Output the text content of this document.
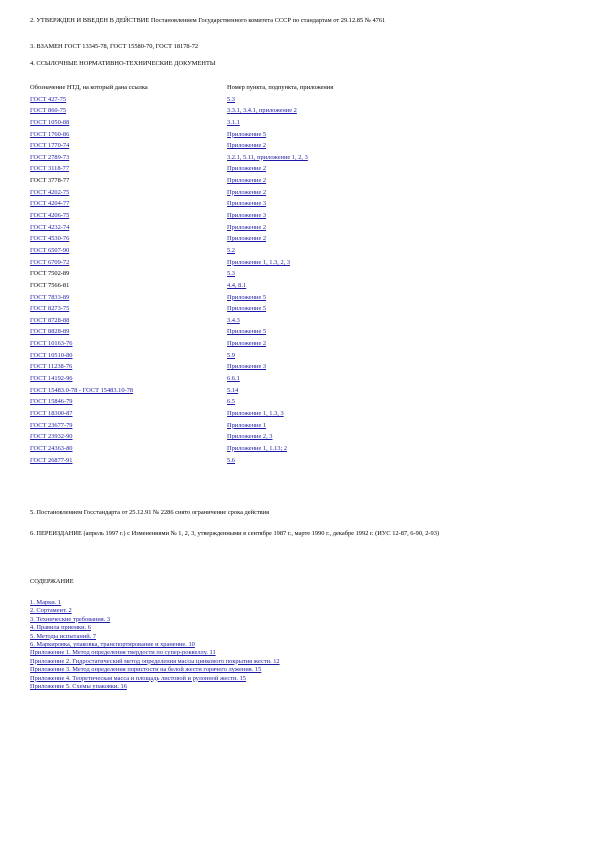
2. УТВЕРЖДЕН И ВВЕДЕН В ДЕЙСТВИЕ Постановлением Государственного комитета СССР по стандартам от 29.12.85 № 4761

3. ВЗАМЕН ГОСТ 13345-78, ГОСТ 15580-70, ГОСТ 18178-72

4. ССЫЛОЧНЫЕ НОРМАТИВНО-ТЕХНИЧЕСКИЕ ДОКУМЕНТЫ

Обозначение НТД, на который дана ссылка	Номер пункта, подпункта, приложения
ГОСТ 427-75	5.3
ГОСТ 860-75	3.3.1, 3.4.1, приложение 2
ГОСТ 1050-88	3.1.1
ГОСТ 1760-86	Приложение 5
ГОСТ 1770-74	Приложение 2
ГОСТ 2789-73	3.2.1, 5.11, приложение 1, 2, 3
ГОСТ 3118-77	Приложение 2
ГОСТ 3778-77	Приложение 2
ГОСТ 4202-75	Приложение 2
ГОСТ 4204-77	Приложение 3
ГОСТ 4206-75	Приложение 3
ГОСТ 4232-74	Приложение 2
ГОСТ 4530-76	Приложение 2
ГОСТ 6507-90	5.2
ГОСТ 6709-72	Приложение 1, 1.3, 2, 3
ГОСТ 7502-89	5.3
ГОСТ 7566-81	4.4, 8.1
ГОСТ 7833-89	Приложение 5
ГОСТ 8273-75	Приложение 5
ГОСТ 8728-88	3.4.3
ГОСТ 8828-89	Приложение 5
ГОСТ 10163-76	Приложение 2
ГОСТ 10510-80	5.9
ГОСТ 11238-76	Приложение 3
ГОСТ 14192-96	6.6.1
ГОСТ 15483.0-78 - ГОСТ 15483.10-78	5.14
ГОСТ 15846-79	6.5
ГОСТ 18300-87	Приложение 1, 1.3, 3
ГОСТ 23677-79	Приложение 1
ГОСТ 23932-90	Приложение 2, 3
ГОСТ 24363-80	Приложение 1, 1.13; 2
ГОСТ 26877-91	5.6

5. Постановлением Госстандарта от 25.12.91 № 2286 снято ограничение срока действия

6. ПЕРЕИЗДАНИЕ (апрель 1997 г.) с Изменениями № 1, 2, 3, утвержденными в сентябре 1987 г., марте 1990 г., декабре 1992 г. (ИУС 12-87, 6-90, 2-93)

СОДЕРЖАНИЕ

1. Марки. 1
2. Сортамент. 2
3. Технические требования. 3
4. Правила приемки. 6
5. Методы испытаний. 7
6. Маркировка, упаковка, транспортирование и хранение. 10
Приложение 1. Метод определения твердости по супер-роквеллу. 11
Приложение 2. Гидростатический метод определения массы цинкового покрытия жести. 12
Приложение 3. Метод определения пористости на белой жести горячего лужения. 15
Приложение 4. Теоретическая масса и площадь листовой и рулонной жести. 15
Приложение 5. Схемы упаковки. 16
